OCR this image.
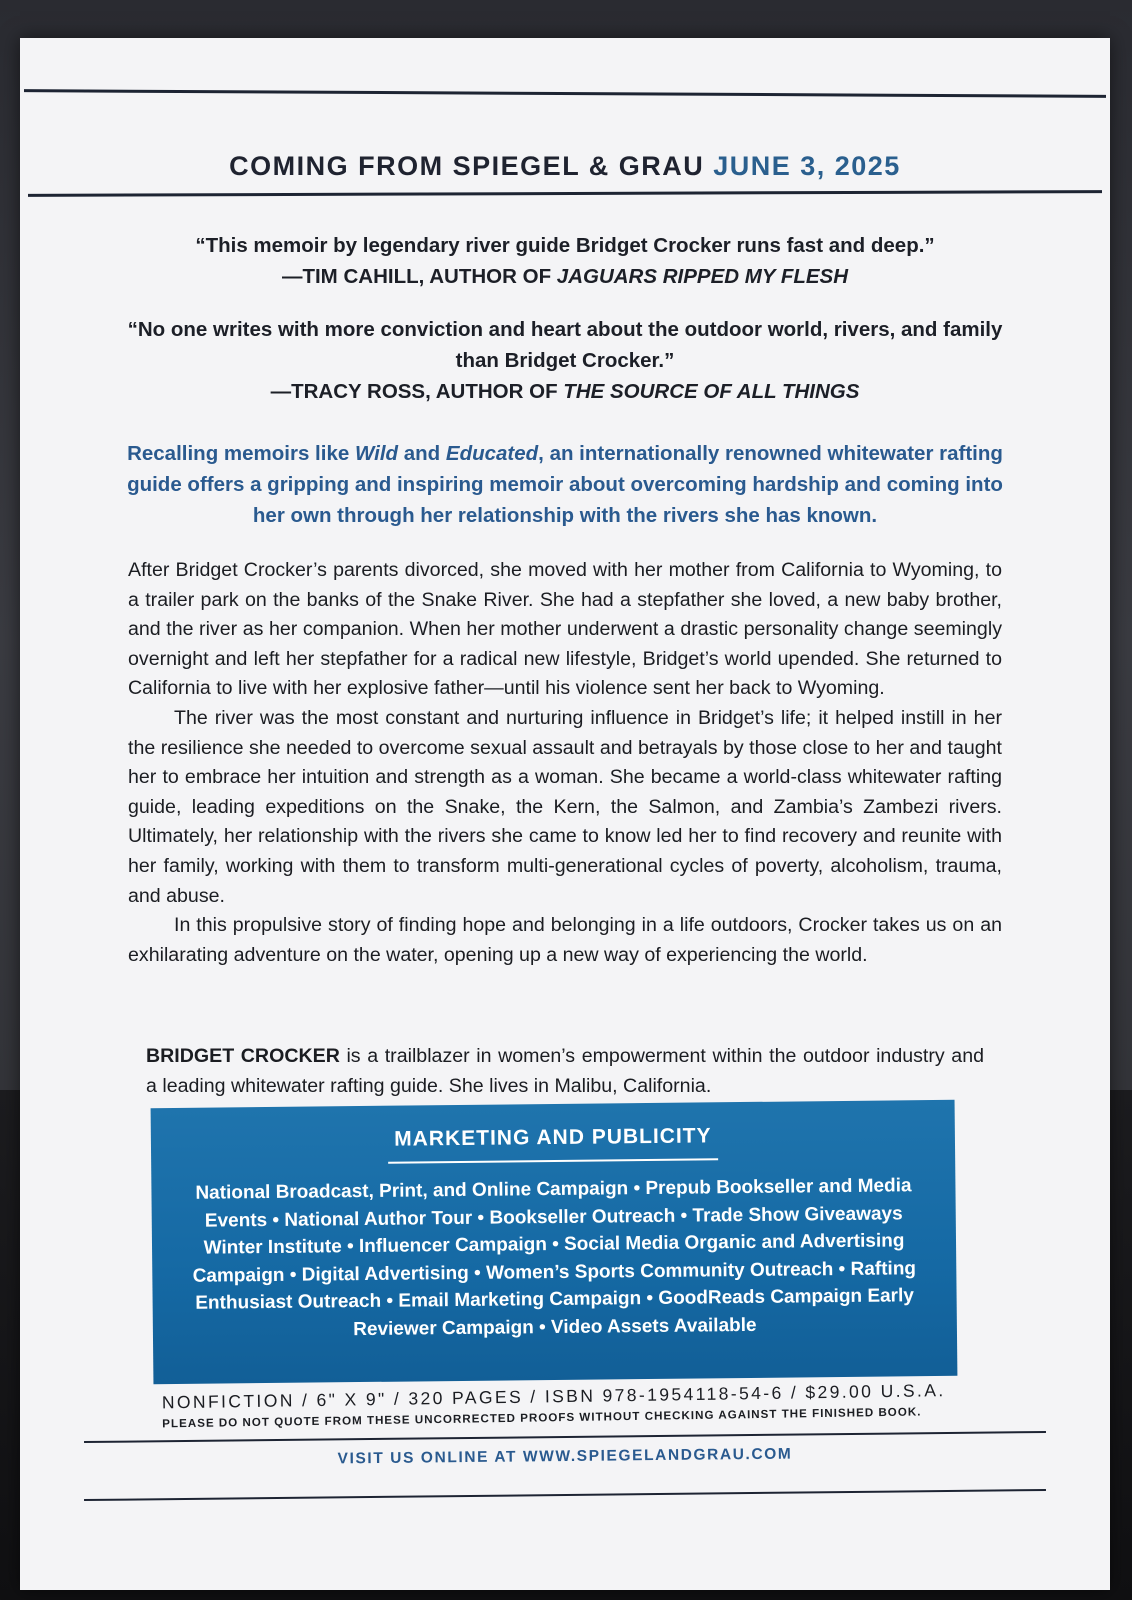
COMING FROM SPIEGEL & GRAU JUNE 3, 2025
“This memoir by legendary river guide Bridget Crocker runs fast and deep.”
—TIM CAHILL, AUTHOR OF JAGUARS RIPPED MY FLESH
“No one writes with more conviction and heart about the outdoor world, rivers, and family than Bridget Crocker.”
—TRACY ROSS, AUTHOR OF THE SOURCE OF ALL THINGS
Recalling memoirs like Wild and Educated, an internationally renowned whitewater rafting guide offers a gripping and inspiring memoir about overcoming hardship and coming into her own through her relationship with the rivers she has known.

After Bridget Crocker’s parents divorced, she moved with her mother from California to Wyoming, to a trailer park on the banks of the Snake River. She had a stepfather she loved, a new baby brother, and the river as her companion. When her mother underwent a drastic personality change seemingly overnight and left her stepfather for a radical new lifestyle, Bridget’s world upended. She returned to California to live with her explosive father—until his violence sent her back to Wyoming.

The river was the most constant and nurturing influence in Bridget’s life; it helped instill in her the resilience she needed to overcome sexual assault and betrayals by those close to her and taught her to embrace her intuition and strength as a woman. She became a world-class whitewater rafting guide, leading expeditions on the Snake, the Kern, the Salmon, and Zambia’s Zambezi rivers. Ultimately, her relationship with the rivers she came to know led her to find recovery and reunite with her family, working with them to transform multi-generational cycles of poverty, alcoholism, trauma, and abuse.

In this propulsive story of finding hope and belonging in a life outdoors, Crocker takes us on an exhilarating adventure on the water, opening up a new way of experiencing the world.

BRIDGET CROCKER is a trailblazer in women’s empowerment within the outdoor industry and a leading whitewater rafting guide. She lives in Malibu, California.
MARKETING AND PUBLICITY
National Broadcast, Print, and Online Campaign • Prepub Bookseller and Media Events • National Author Tour • Bookseller Outreach • Trade Show Giveaways Winter Institute • Influencer Campaign • Social Media Organic and Advertising Campaign • Digital Advertising • Women’s Sports Community Outreach • Rafting Enthusiast Outreach • Email Marketing Campaign • GoodReads Campaign Early Reviewer Campaign • Video Assets Available
NONFICTION / 6" X 9" / 320 PAGES / ISBN 978-1954118-54-6 / $29.00 U.S.A.
PLEASE DO NOT QUOTE FROM THESE UNCORRECTED PROOFS WITHOUT CHECKING AGAINST THE FINISHED BOOK.
VISIT US ONLINE AT WWW.SPIEGELANDGRAU.COM
